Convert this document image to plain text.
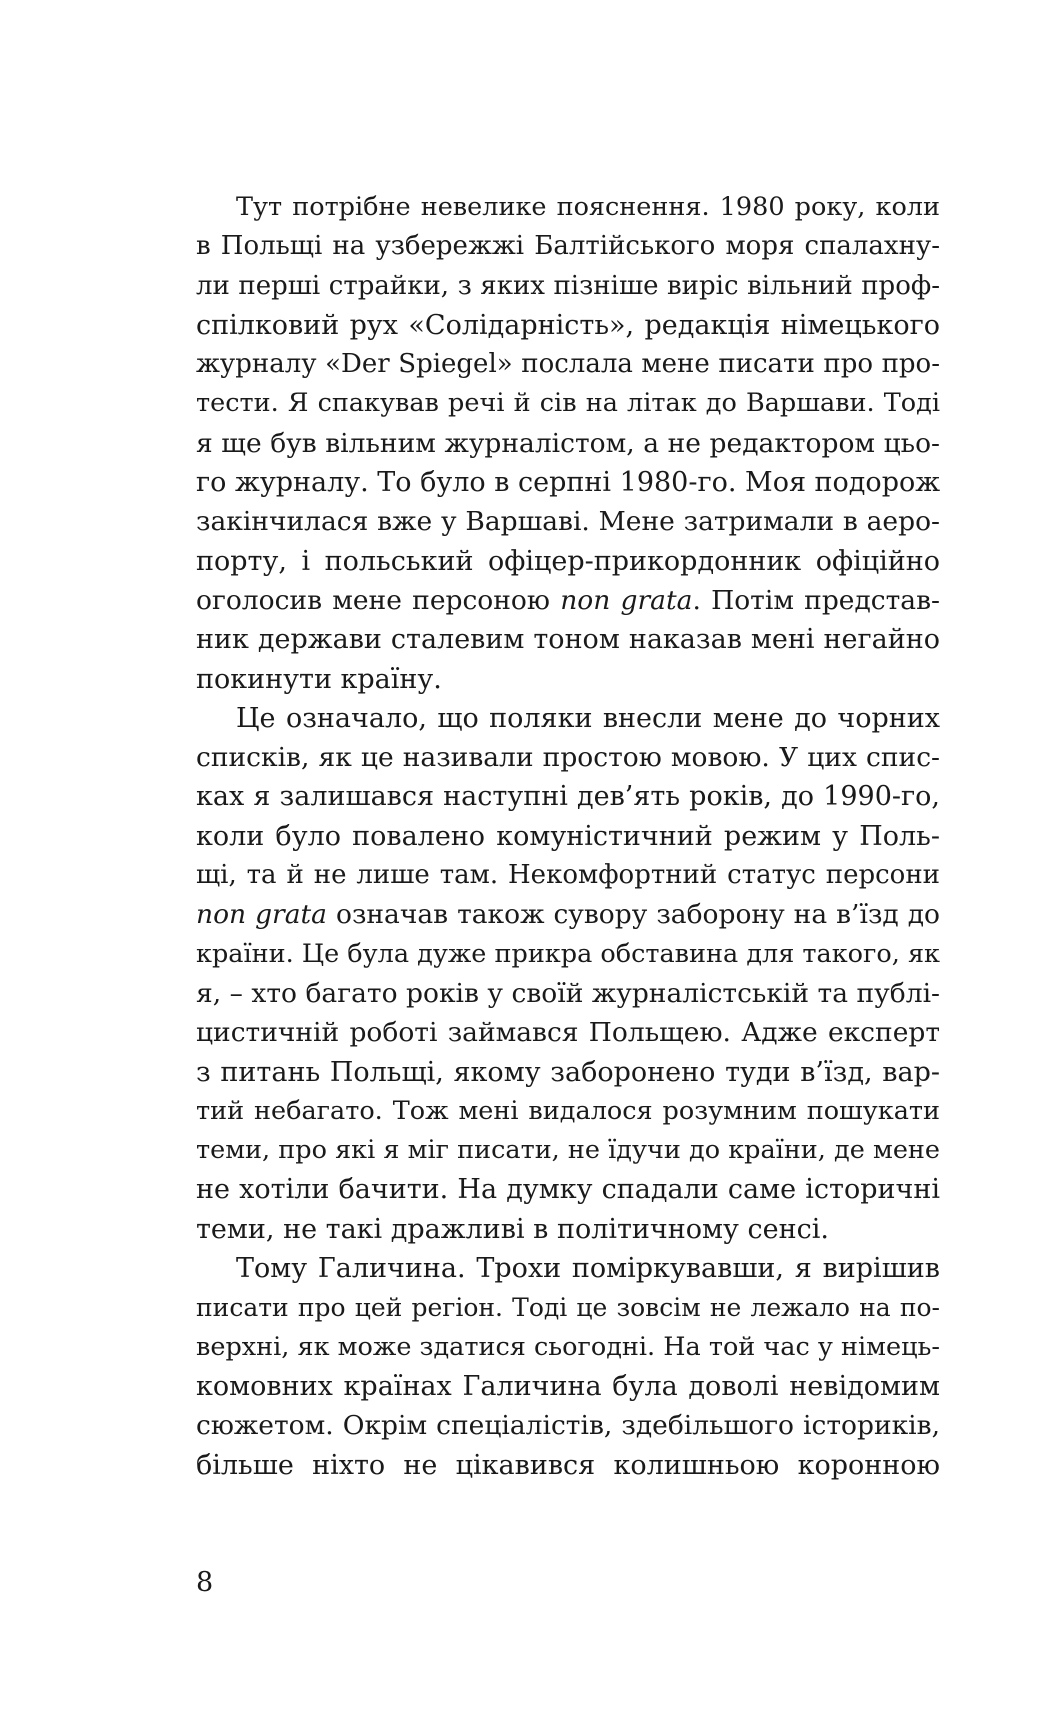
Тут потрібне невелике пояснення. 1980 року, коли
в Польщі на узбережжі Балтійського моря спалахну-
ли перші страйки, з яких пізніше виріс вільний проф-
спілковий рух «Солідарність», редакція німецького
журналу «Der Spiegel» послала мене писати про про-
тести. Я спакував речі й сів на літак до Варшави. Тоді
я ще був вільним журналістом, а не редактором цьо-
го журналу. То було в серпні 1980-го. Моя подорож
закінчилася вже у Варшаві. Мене затримали в аеро-
порту, і польський офіцер-прикордонник офіційно
оголосив мене персоною non grata. Потім представ-
ник держави сталевим тоном наказав мені негайно
покинути країну.
Це означало, що поляки внесли мене до чорних
списків, як це називали простою мовою. У цих спис-
ках я залишався наступні дев’ять років, до 1990-го,
коли було повалено комуністичний режим у Поль-
щі, та й не лише там. Некомфортний статус персони
non grata означав також сувору заборону на в’їзд до
країни. Це була дуже прикра обставина для такого, як
я, – хто багато років у своїй журналістській та публі-
цистичній роботі займався Польщею. Адже експерт
з питань Польщі, якому заборонено туди в’їзд, вар-
тий небагато. Тож мені видалося розумним пошукати
теми, про які я міг писати, не їдучи до країни, де мене
не хотіли бачити. На думку спадали саме історичні
теми, не такі дражливі в політичному сенсі.
Тому Галичина. Трохи поміркувавши, я вирішив
писати про цей регіон. Тоді це зовсім не лежало на по-
верхні, як може здатися сьогодні. На той час у німець-
комовних країнах Галичина була доволі невідомим
сюжетом. Окрім спеціалістів, здебільшого істориків,
більше ніхто не цікавився колишньою коронною
8
